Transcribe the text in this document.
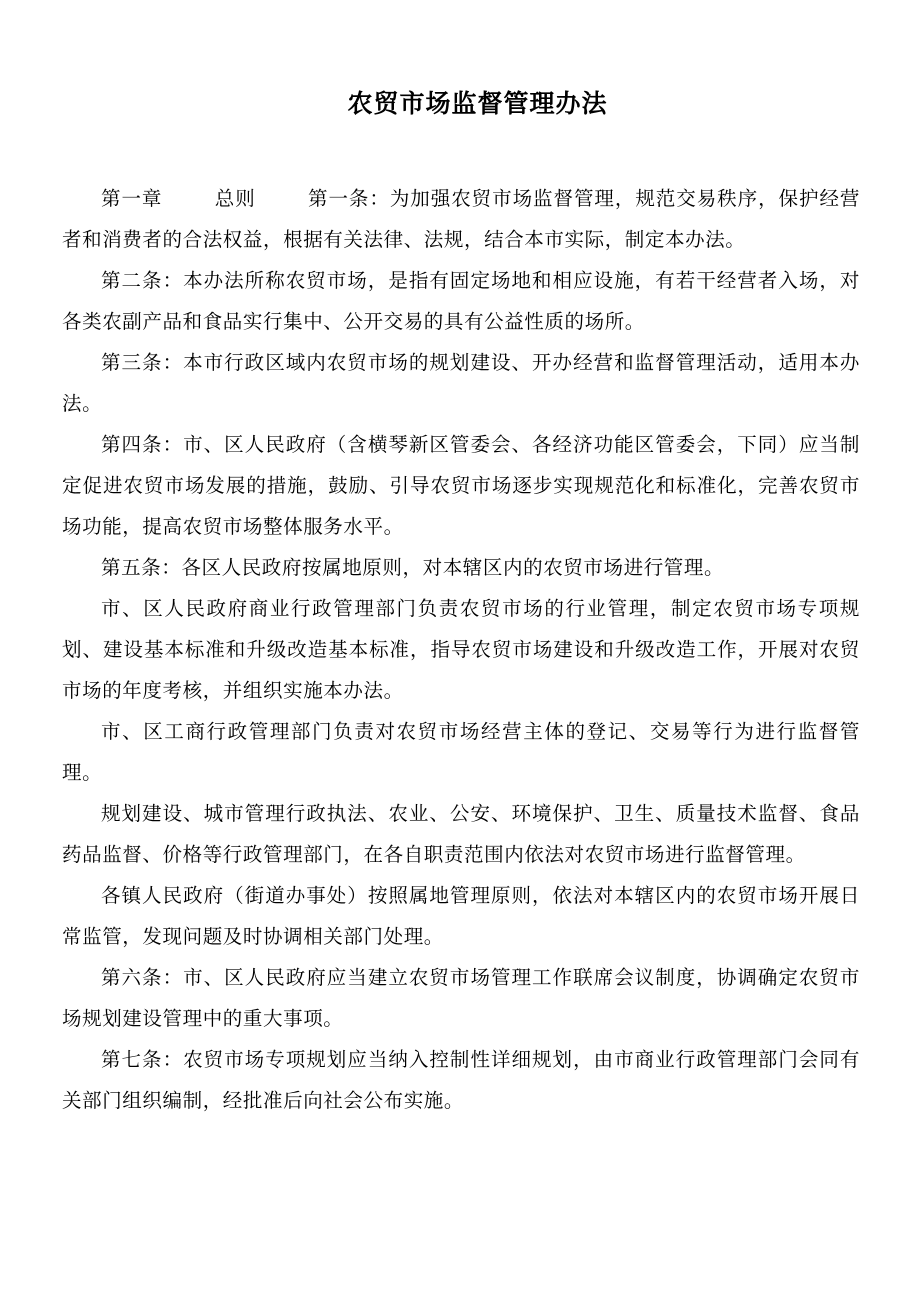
农贸市场监督管理办法

第一章	总则	第一条：为加强农贸市场监督管理，规范交易秩序，保护经营者和消费者的合法权益，根据有关法律、法规，结合本市实际，制定本办法。

第二条：本办法所称农贸市场，是指有固定场地和相应设施，有若干经营者入场，对各类农副产品和食品实行集中、公开交易的具有公益性质的场所。

第三条：本市行政区域内农贸市场的规划建设、开办经营和监督管理活动，适用本办法。

第四条：市、区人民政府（含横琴新区管委会、各经济功能区管委会，下同）应当制定促进农贸市场发展的措施，鼓励、引导农贸市场逐步实现规范化和标准化，完善农贸市场功能，提高农贸市场整体服务水平。

第五条：各区人民政府按属地原则，对本辖区内的农贸市场进行管理。

市、区人民政府商业行政管理部门负责农贸市场的行业管理，制定农贸市场专项规划、建设基本标准和升级改造基本标准，指导农贸市场建设和升级改造工作，开展对农贸市场的年度考核，并组织实施本办法。

市、区工商行政管理部门负责对农贸市场经营主体的登记、交易等行为进行监督管理。

规划建设、城市管理行政执法、农业、公安、环境保护、卫生、质量技术监督、食品药品监督、价格等行政管理部门，在各自职责范围内依法对农贸市场进行监督管理。

各镇人民政府（街道办事处）按照属地管理原则，依法对本辖区内的农贸市场开展日常监管，发现问题及时协调相关部门处理。

第六条：市、区人民政府应当建立农贸市场管理工作联席会议制度，协调确定农贸市场规划建设管理中的重大事项。

第七条：农贸市场专项规划应当纳入控制性详细规划，由市商业行政管理部门会同有关部门组织编制，经批准后向社会公布实施。
